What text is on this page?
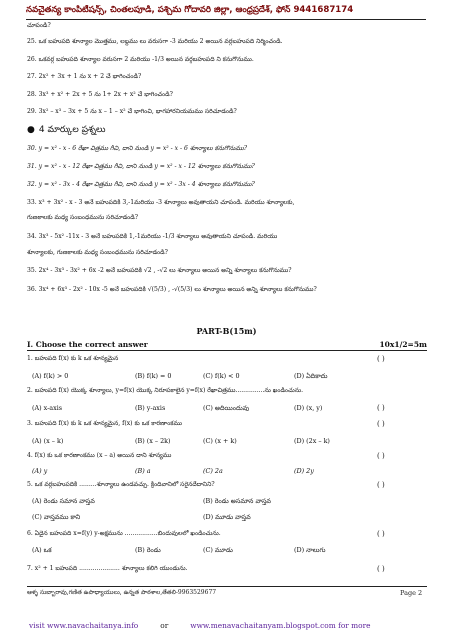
నవచైతన్య కాంపిటీషన్స్, చింతలపూడి, పశ్చిమ గోదావరి జిల్లా, ఆంధ్రప్రదేశ్, ఫోన్ 9441687174
చూపండి?
25. ఒక బహుపది శూన్యాల మొత్తము, లబ్దము లు వరుసగా -3 మరియు 2 అయిన వర్గబహుపది నిర్మించండి.
26. ఒకవర్గ బహుపది శూన్యాల వరుసగా 2 మరియు -1/3 అయిన వర్గబహుపది ని కనుగొనుము.
27. 2x² + 3x + 1 ను x + 2 చే భాగించండి?
28. 3x³ + x² + 2x + 5 ను 1+ 2x + x² చే భాగించండి?
29. 3x² – x³ – 3x + 5 ను x – 1 – x² చే భాగించి, భాగహారనియమము సరిచూడండి?
● 4 మార్కుల ప్రశ్నలు
30. y = x² - x - 6 రేఖా చిత్రము గీచి, దాని నుండి y = x² - x - 6 శూన్యాలు కనుగొనుము?
31. y = x² - x - 12 రేఖా చిత్రము గీచి, దాని నుండి y = x² - x - 12 శూన్యాలు కనుగొనుము?
32. y = x² - 3x - 4 రేఖా చిత్రము గీచి, దాని నుండి y = x² - 3x - 4 శూన్యాలు కనుగొనుము?
33. x³ + 3x² - x - 3 అనే బహుపదికి 3,-1మరియు -3 శూన్యాలు అవుతాయని చూపండి. మరియు శూన్యాలకు,
గుణకాలకు మధ్య సంబంధమును సరిచూడండి?
34. 3x³ - 5x² -11x - 3 అనే బహుపదికి 1,-1మరియు -1/3 శూన్యాలు అవుతాయని చూపండి. మరియు
శూన్యాలకు, గుణకాలకు మధ్య సంబంధమును సరిచూడండి?
35. 2x⁴ - 3x³ - 3x² + 6x -2 అనే బహుపదికి √2 , -√2 లు శూన్యాలు అయిన అన్ని శూన్యాలు కనుగొనుము?
36. 3x⁴ + 6x³ - 2x² - 10x -5 అనే బహుపదికి √(5/3) , -√(5/3) లు శూన్యాలు అయిన అన్ని శూన్యాలు కనుగొనుము?
PART-B(15m)
I. Choose the correct answer	10x1/2=5m
1. బహుపది f(x) కు k ఒక శూన్యమైన	( )
(A) f(k) > 0	(B) f(k) = 0	(C) f(k) < 0	(D) ఏదికాదు
2. బహుపది f(x) యొక్క శూన్యాలు, y=f(x) యొక్క నిరూపకాలైన y=f(x) రేఖాచిత్రము...............ను ఖండించును.
(A) x-axis	(B) y-axis	(C) అదియిందువు	(D) (x, y)	( )
3. బహుపది f(x) కు k ఒక శూన్యమైన, f(x) కు ఒక కారణాంకము	( )
(A) (x – k)	(B) (x – 2k)	(C) (x + k)	(D) (2x – k)
4. f(x) కు ఒక కారణాంకము (x – a) అయిన దాని శూన్యము	( )
(A) y	(B) a	(C) 2a	(D) 2y
5. ఒక వర్గబహుపదికి .........శూన్యాలు ఉండవచ్చు. క్రిందివానిలో సరైనదేదానిని?	( )
(A) రెండు సమాన వాస్తవ	(B) రెండు అసమాన వాస్తవ
(C) వాస్తవము కాని	(D) మూడు వాస్తవ
6. ఏదైన బహుపది x=f(y) y-అక్షమును .................బిందువులలో ఖండించును.	( )
(A) ఒక	(B) రెండు	(C) మూడు	(D) నాలుగు
7. x² + 1 బహుపది ..................... శూన్యాలు కలిగి యుండును.	( )
ఆళ్ళ సుబ్బారావు,గణిత ఉపాధ్యాయులు, ఉన్నత పాఠశాల,తేతలి-9963529677	Page 2
visit www.navachaitanya.info	or	www.menavachaitanyam.blogspot.com for more
